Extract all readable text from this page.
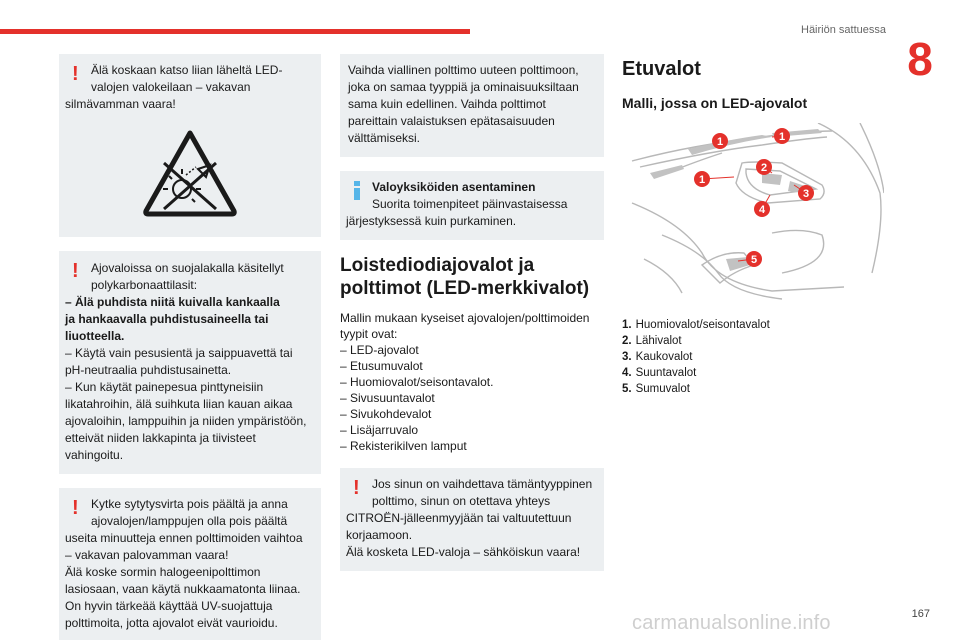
Häiriön sattuessa
8
!	Älä koskaan katso liian läheltä LED-

valojen valokeilaan – vakavan

silmävamman vaara!

!	Ajovaloissa on suojalakalla käsitellyt

polykarbonaattilasit:

– Älä puhdista niitä kuivalla kankaalla

ja hankaavalla puhdistusaineella tai

liuotteella.

– Käytä vain pesusientä ja saippuavettä tai

pH-neutraalia puhdistusainetta.

– Kun käytät painepesua pinttyneisiin

likatahroihin, älä suihkuta liian kauan aikaa

ajovaloihin, lamppuihin ja niiden ympäristöön,

etteivät niiden lakkapinta ja tiivisteet

vahingoitu.

!	Kytke sytytysvirta pois päältä ja anna

ajovalojen/lamppujen olla pois päältä

useita minuutteja ennen polttimoiden vaihtoa

– vakavan palovamman vaara!

Älä koske sormin halogeenipolttimon

lasiosaan, vaan käytä nukkaamatonta liinaa.

On hyvin tärkeää käyttää UV-suojattuja

polttimoita, jotta ajovalot eivät vaurioidu.

Vaihda viallinen polttimo uuteen polttimoon,

joka on samaa tyyppiä ja ominaisuuksiltaan

sama kuin edellinen. Vaihda polttimot

pareittain valaistuksen epätasaisuuden

välttämiseksi.

Valoyksiköiden asentaminen

Suorita toimenpiteet päinvastaisessa

järjestyksessä kuin purkaminen.

Loistediodiajovalot ja
polttimot (LED-merkkivalot)

Mallin mukaan kyseiset ajovalojen/polttimoiden

tyypit ovat:

– LED-ajovalot

– Etusumuvalot

– Huomiovalot/seisontavalot.

– Sivusuuntavalot

– Sivukohdevalot

– Lisäjarruvalo

– Rekisterikilven lamput

!	Jos sinun on vaihdettava tämäntyyppinen

polttimo, sinun on otettava yhteys

CITROËN-jälleenmyyjään tai valtuutettuun

korjaamoon.

Älä kosketa LED-valoja – sähköiskun vaara!

Etuvalot
Malli, jossa on LED-ajovalot
1	1
2
1
3
4
5

1. Huomiovalot/seisontavalot

2. Lähivalot

3. Kaukovalot

4. Suuntavalot

5. Sumuvalot

carmanualsonline.info	167
